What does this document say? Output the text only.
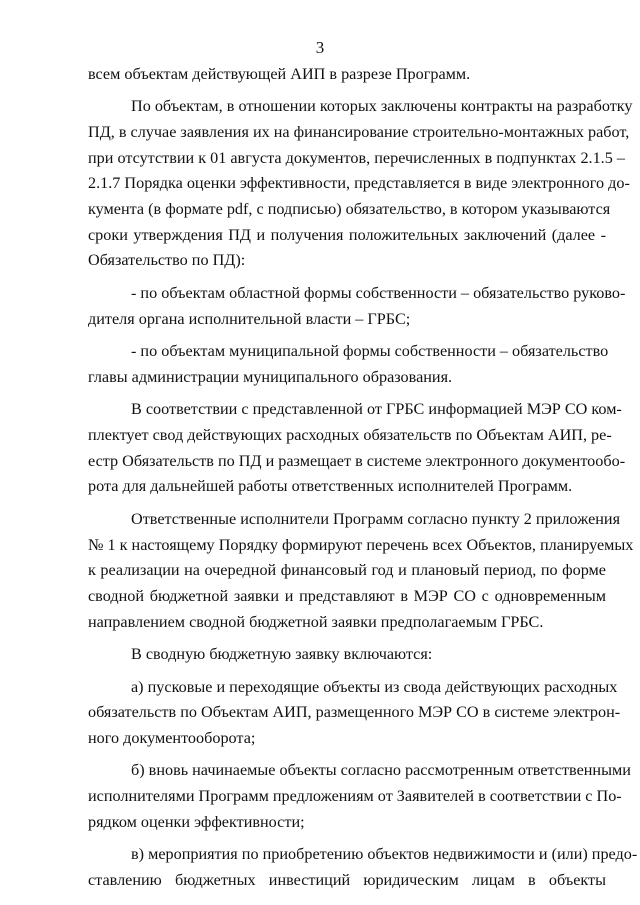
3
всем объектам действующей АИП в разрезе Программ.
По объектам, в отношении которых заключены контракты на разработку
ПД, в случае заявления их на финансирование строительно-монтажных работ,
при отсутствии к 01 августа документов, перечисленных в подпунктах 2.1.5 –
2.1.7 Порядка оценки эффективности, представляется в виде электронного до-
кумента (в формате pdf, с подписью) обязательство, в котором указываются
сроки утверждения ПД и получения положительных заключений (далее -
Обязательство по ПД):
- по объектам областной формы собственности – обязательство руково-
дителя органа исполнительной власти – ГРБС;
- по объектам муниципальной формы собственности – обязательство
главы администрации муниципального образования.
В соответствии с представленной от ГРБС информацией МЭР СО ком-
плектует свод действующих расходных обязательств по Объектам АИП, ре-
естр Обязательств по ПД и размещает в системе электронного документообо-
рота для дальнейшей работы ответственных исполнителей Программ.
Ответственные исполнители Программ согласно пункту 2 приложения
№ 1 к настоящему Порядку формируют перечень всех Объектов, планируемых
к реализации на очередной финансовый год и плановый период, по форме
сводной бюджетной заявки и представляют в МЭР СО с одновременным
направлением сводной бюджетной заявки предполагаемым ГРБС.
В сводную бюджетную заявку включаются:
а) пусковые и переходящие объекты из свода действующих расходных
обязательств по Объектам АИП, размещенного МЭР СО в системе электрон-
ного документооборота;
б) вновь начинаемые объекты согласно рассмотренным ответственными
исполнителями Программ предложениям от Заявителей в соответствии с По-
рядком оценки эффективности;
в) мероприятия по приобретению объектов недвижимости и (или) предо-
ставлению бюджетных инвестиций юридическим лицам в объекты
